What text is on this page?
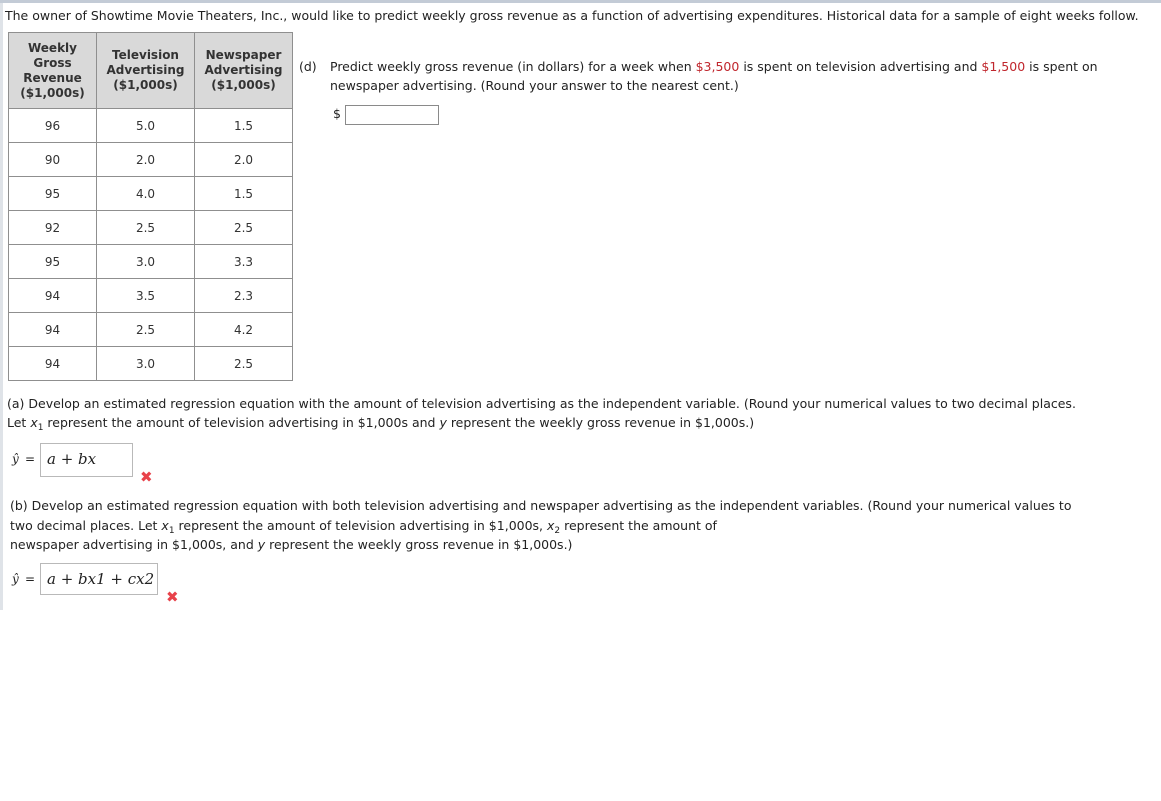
The owner of Showtime Movie Theaters, Inc., would like to predict weekly gross revenue as a function of advertising expenditures. Historical data for a sample of eight weeks follow.
Weekly
Gross
Revenue
($1,000s)	Television
Advertising
($1,000s)	Newspaper
Advertising
($1,000s)

96	5.0	1.5
90	2.0	2.0
95	4.0	1.5
92	2.5	2.5
95	3.0	3.3
94	3.5	2.3
94	2.5	4.2
94	3.0	2.5
(d) Predict weekly gross revenue (in dollars) for a week when $3,500 is spent on television advertising and $1,500 is spent on newspaper advertising. (Round your answer to the nearest cent.)
$
(a) Develop an estimated regression equation with the amount of television advertising as the independent variable. (Round your numerical values to two decimal places.
Let $x_1$ represent the amount of television advertising in $1,000s and y represent the weekly gross revenue in $1,000s.)
ŷ = a + bx
✖
(b) Develop an estimated regression equation with both television advertising and newspaper advertising as the independent variables. (Round your numerical values to
two decimal places. Let $x_1$ represent the amount of television advertising in $1,000s, $x_2$ represent the amount of
newspaper advertising in $1,000s, and y represent the weekly gross revenue in $1,000s.)
ŷ = a + bx1 + cx2
✖
